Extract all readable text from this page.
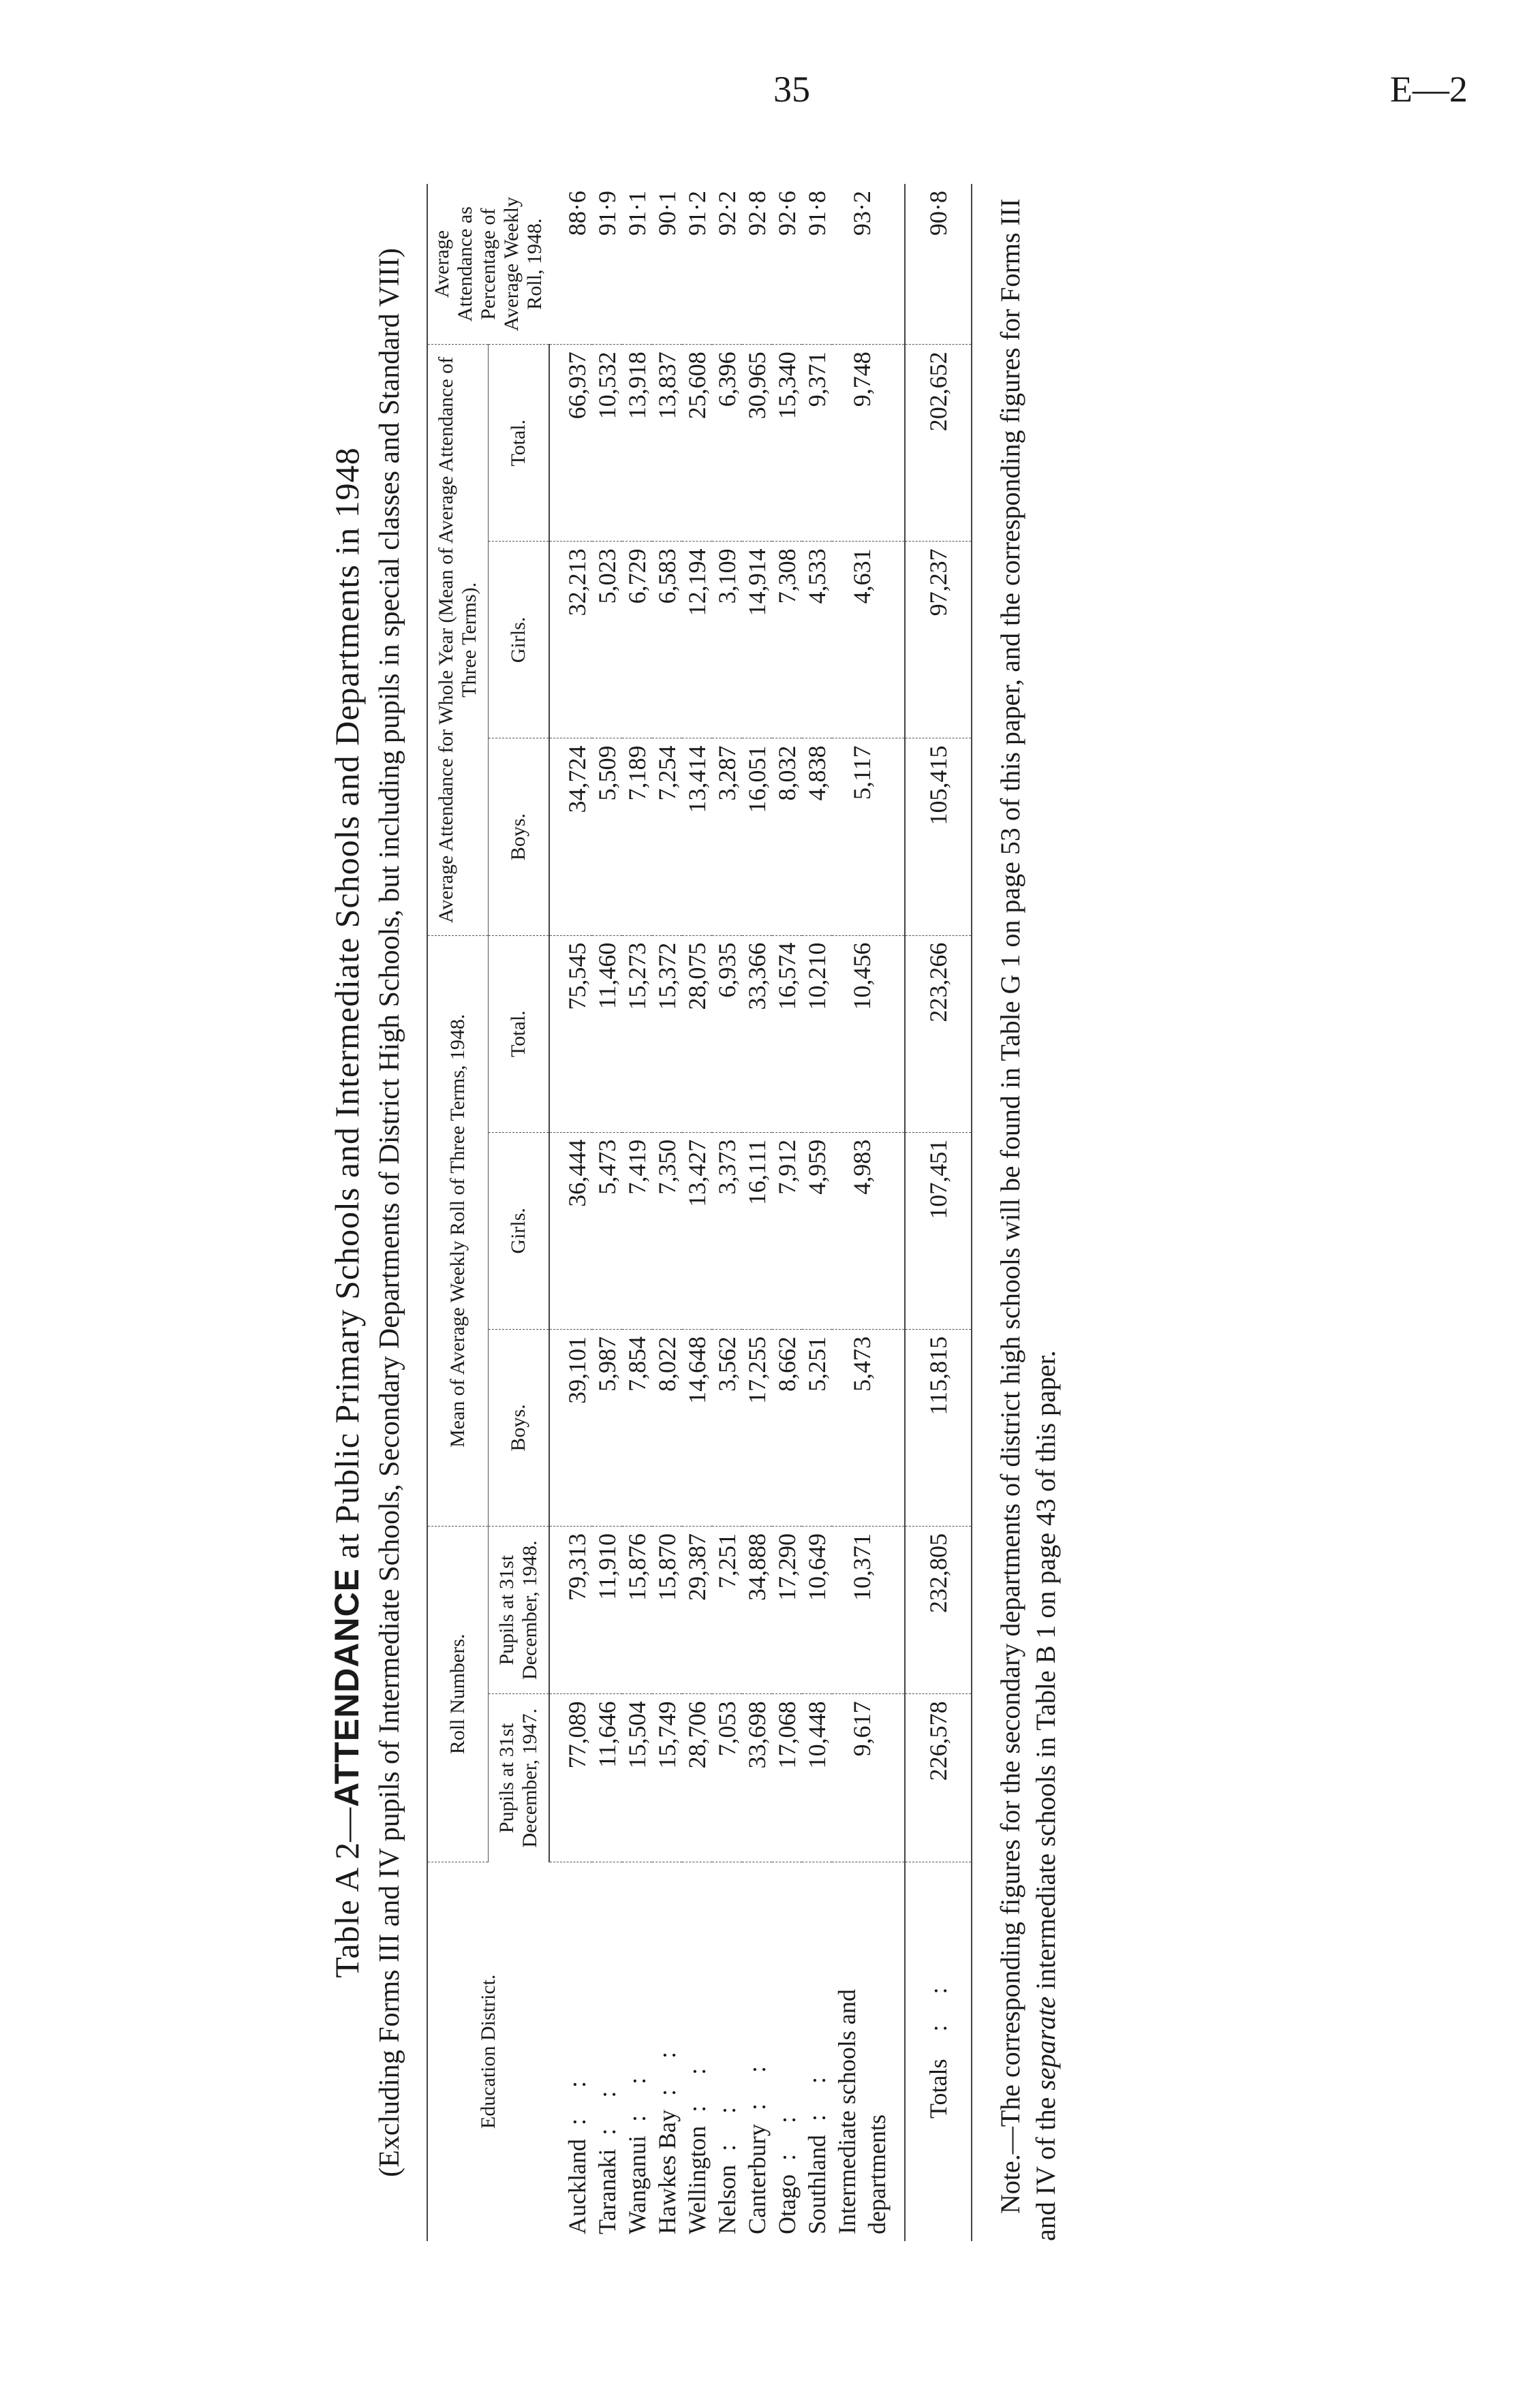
35	E—2
Table A 2—ATTENDANCE at Public Primary Schools and Intermediate Schools and Departments in 1948 (Excluding Forms III and IV pupils of Intermediate Schools, Secondary Departments of District High Schools, but including pupils in special classes and Standard VIII)	Education District.	Roll Numbers.		Mean of Average Weekly Roll of Three Terms, 1948.			Average Attendance for Whole Year (Mean of Average Attendance of Three Terms).			Average Attendance as Percentage of Average Weekly Roll, 1948.
	Pupils at 31st December, 1947.	Pupils at 31st December, 1948.	Boys.	Girls.	Total.	Boys.	Girls.	Total.	
Auckland: :	77,089	79,313	39,101	36,444	75,545	34,724	32,213	66,937	88·6
Taranaki: :	11,646	11,910	5,987	5,473	11,460	5,509	5,023	10,532	91·9
Wanganui: :	15,504	15,876	7,854	7,419	15,273	7,189	6,729	13,918	91·1
Hawkes Bay: :	15,749	15,870	8,022	7,350	15,372	7,254	6,583	13,837	90·1
Wellington: :	28,706	29,387	14,648	13,427	28,075	13,414	12,194	25,608	91·2
Nelson: :	7,053	7,251	3,562	3,373	6,935	3,287	3,109	6,396	92·2
Canterbury: :	33,698	34,888	17,255	16,111	33,366	16,051	14,914	30,965	92·8
Otago: :	17,068	17,290	8,662	7,912	16,574	8,032	7,308	15,340	92·6
Southland: :	10,448	10,649	5,251	4,959	10,210	4,838	4,533	9,371	91·8
Intermediate schools and departments	9,617	10,371	5,473	4,983	10,456	5,117	4,631	9,748	93·2
Totals: :	226,578	232,805	115,815	107,451	223,266	105,415	97,237	202,652	90·8 Note.—The corresponding figures for the secondary departments of district high schools will be found in Table G 1 on page 53 of this paper, and the corresponding figures for Forms III and IV of the separate intermediate schools in Table B 1 on page 43 of this paper.
